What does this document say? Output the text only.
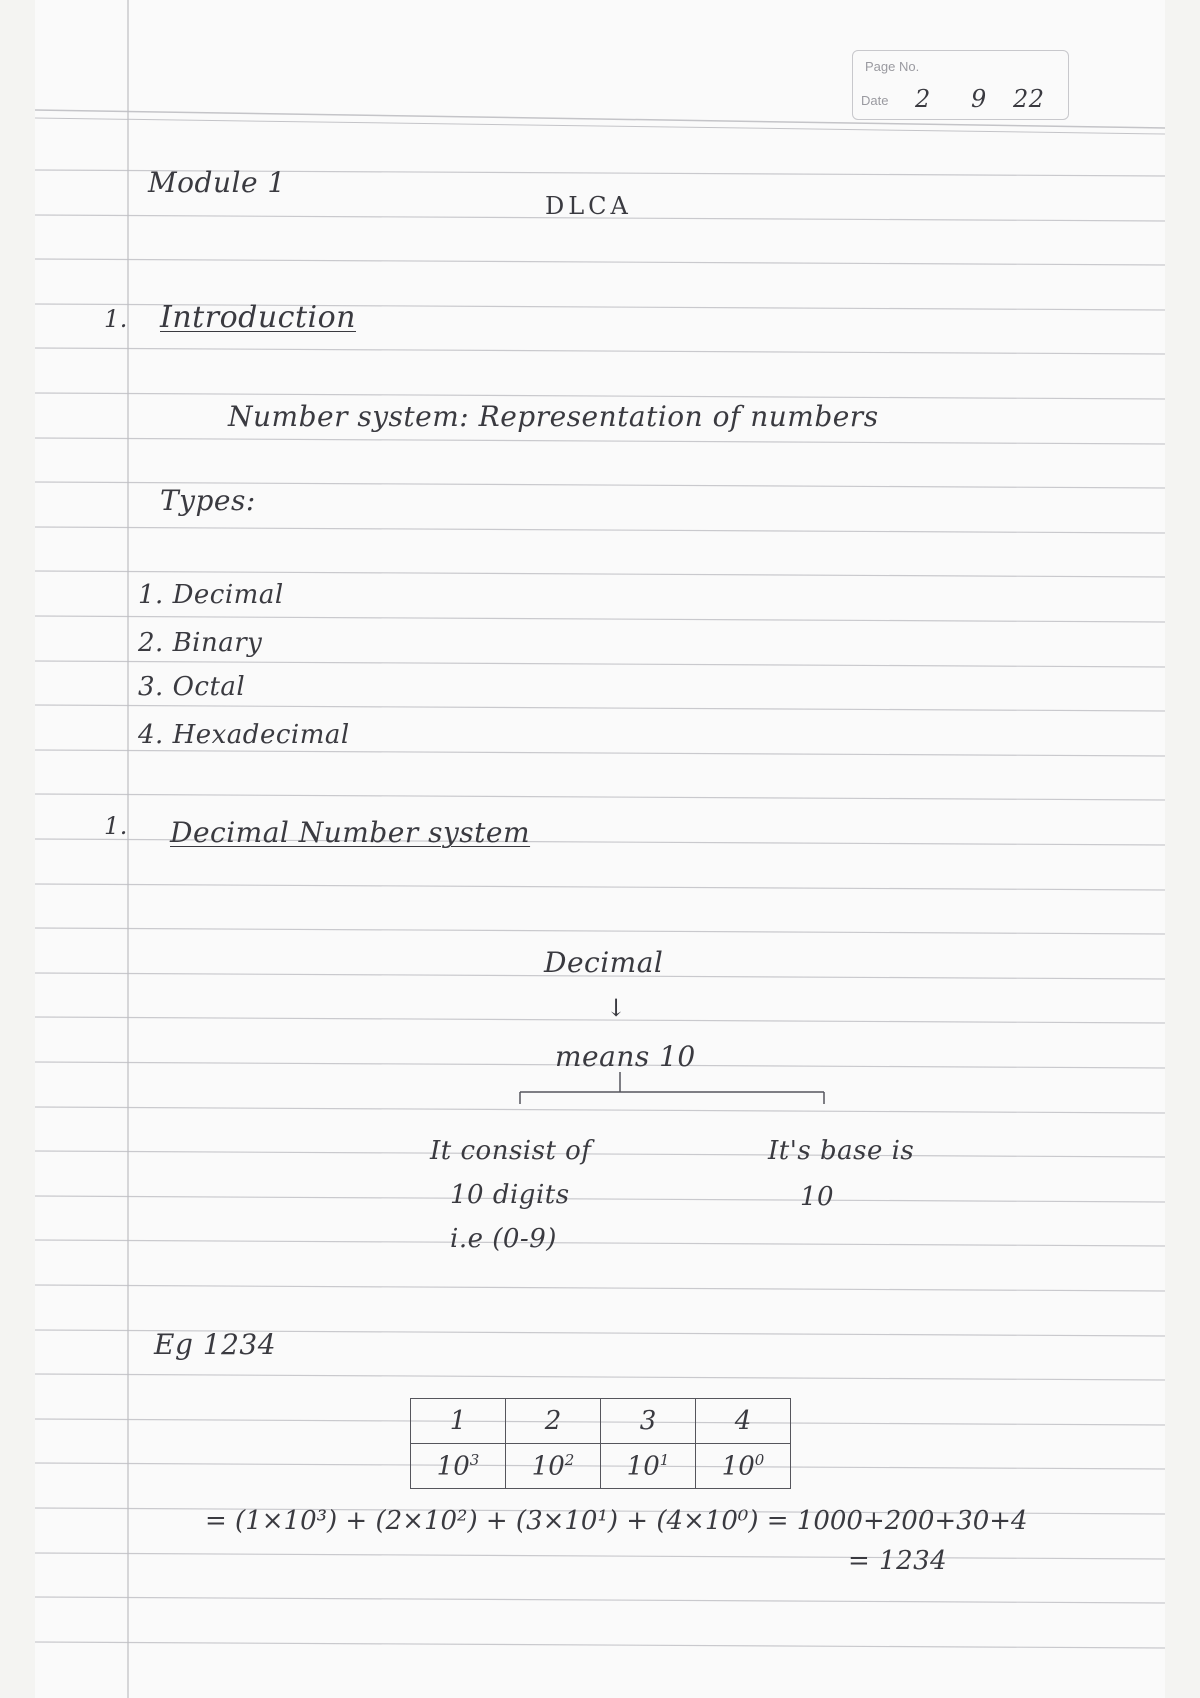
Page No.
Date 2 9 22
Module 1
DLCA
1. Introduction
Number system: Representation of numbers
Types:
1. Decimal
2. Binary
3. Octal
4. Hexadecimal
1. Decimal Number system
Decimal
↓
means 10
It consist of
10 digits
i.e (0-9)
It's base is
10
Eg 1234
1	2	3	4
$10^3$	$10^2$	$10^1$	$10^0$
= (1×10³) + (2×10²) + (3×10¹) + (4×10⁰) = 1000+200+30+4
= 1234
